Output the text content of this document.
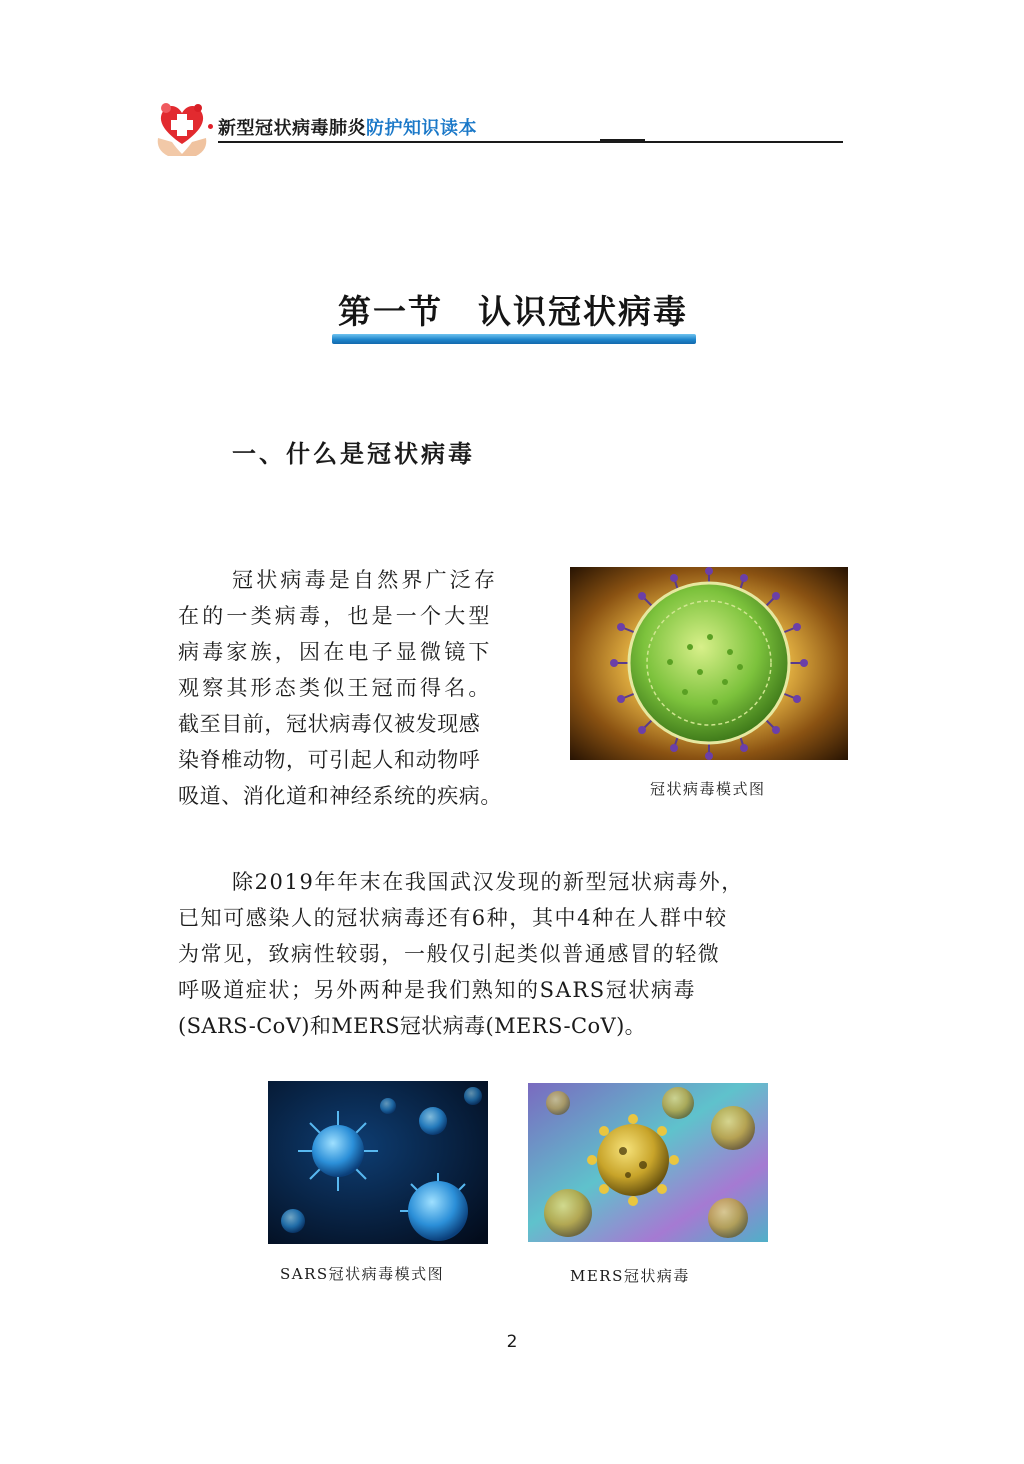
新型冠状病毒肺炎防护知识读本
第一节　认识冠状病毒
一、什么是冠状病毒
冠状病毒是自然界广泛存
在的一类病毒，也是一个大型
病毒家族，因在电子显微镜下
观察其形态类似王冠而得名。
截至目前，冠状病毒仅被发现感
染脊椎动物，可引起人和动物呼
吸道、消化道和神经系统的疾病。	冠状病毒模式图
除2019年年末在我国武汉发现的新型冠状病毒外，
已知可感染人的冠状病毒还有6种，其中4种在人群中较
为常见，致病性较弱，一般仅引起类似普通感冒的轻微
呼吸道症状；另外两种是我们熟知的SARS冠状病毒
(SARS-CoV)和MERS冠状病毒(MERS-CoV)。
SARS冠状病毒模式图	MERS冠状病毒
2
